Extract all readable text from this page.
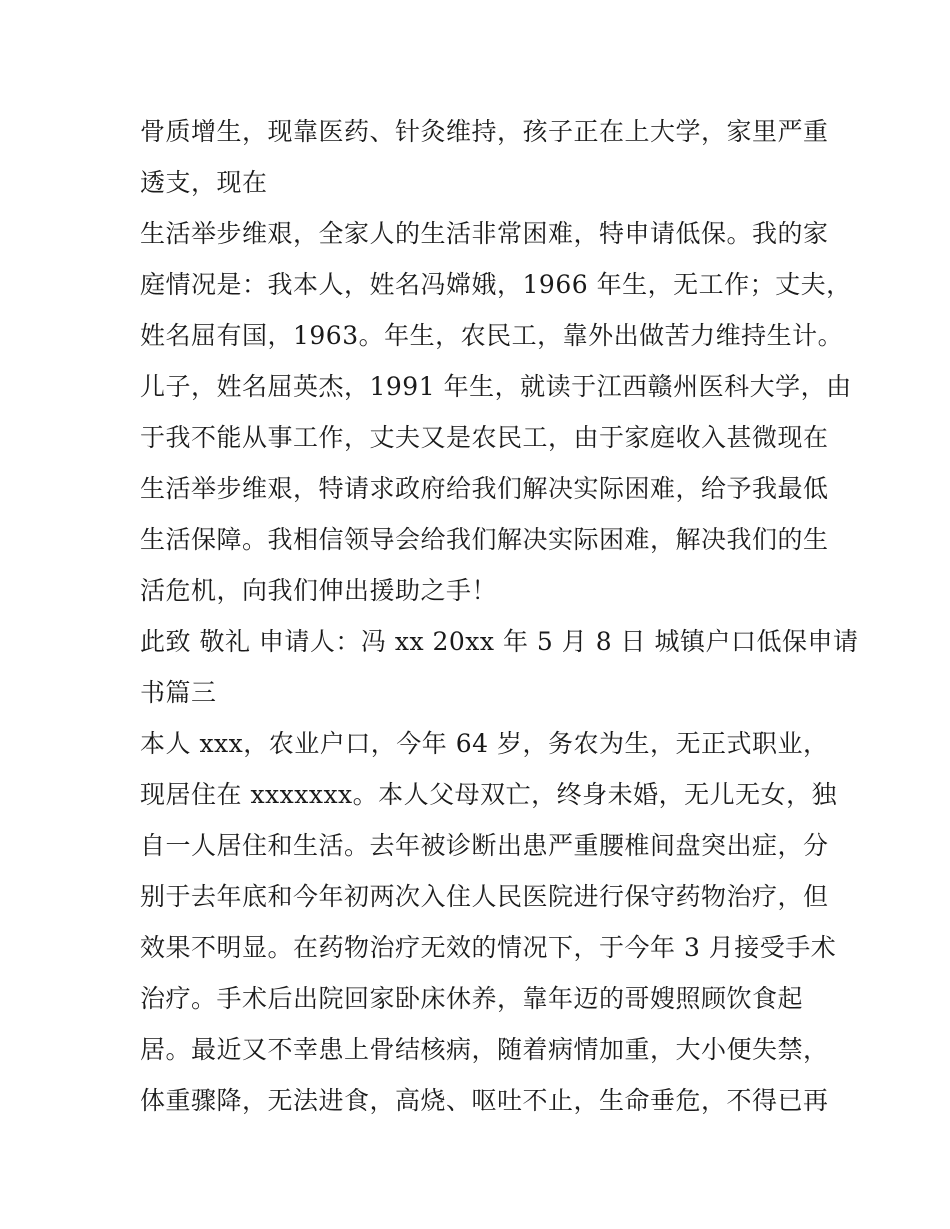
骨质增生，现靠医药、针灸维持，孩子正在上大学，家里严重
透支，现在
生活举步维艰，全家人的生活非常困难，特申请低保。我的家
庭情况是：我本人，姓名冯嫦娥，1966 年生，无工作；丈夫，
姓名屈有国，1963。年生，农民工，靠外出做苦力维持生计。
儿子，姓名屈英杰，1991 年生，就读于江西赣州医科大学，由
于我不能从事工作，丈夫又是农民工，由于家庭收入甚微现在
生活举步维艰，特请求政府给我们解决实际困难，给予我最低
生活保障。我相信领导会给我们解决实际困难，解决我们的生
活危机，向我们伸出援助之手！
此致 敬礼 申请人：冯 xx 20xx 年 5 月 8 日 城镇户口低保申请
书篇三
本人 xxx，农业户口，今年 64 岁，务农为生，无正式职业，
现居住在 xxxxxxx。本人父母双亡，终身未婚，无儿无女，独
自一人居住和生活。去年被诊断出患严重腰椎间盘突出症，分
别于去年底和今年初两次入住人民医院进行保守药物治疗，但
效果不明显。在药物治疗无效的情况下，于今年 3 月接受手术
治疗。手术后出院回家卧床休养，靠年迈的哥嫂照顾饮食起
居。最近又不幸患上骨结核病，随着病情加重，大小便失禁，
体重骤降，无法进食，高烧、呕吐不止，生命垂危，不得已再
